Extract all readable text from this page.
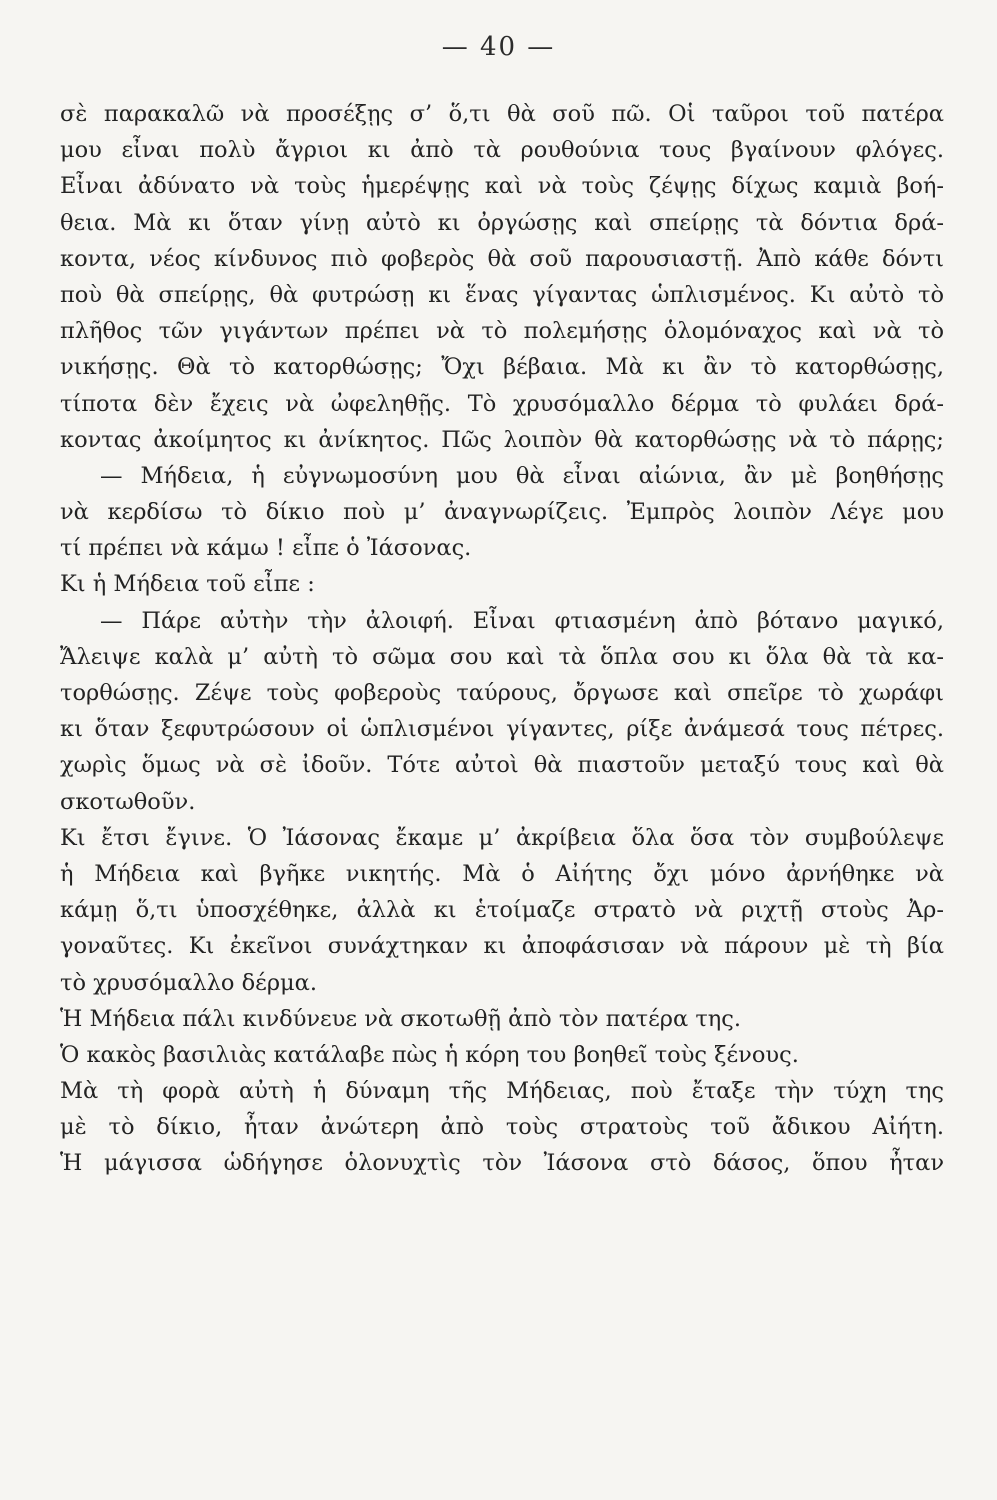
— 40 —
σὲ παρακαλῶ νὰ προσέξῃς σ’ ὅ,τι θὰ σοῦ πῶ. Οἱ ταῦροι τοῦ πατέρα
μου εἶναι πολὺ ἄγριοι κι ἀπὸ τὰ ρουθούνια τους βγαίνουν φλόγες.
Εἶναι ἀδύνατο νὰ τοὺς ἡμερέψῃς καὶ νὰ τοὺς ζέψῃς δίχως καμιὰ βοή-
θεια. Μὰ κι ὅταν γίνῃ αὐτὸ κι ὀργώσῃς καὶ σπείρῃς τὰ δόντια δρά-
κοντα, νέος κίνδυνος πιὸ φοβερὸς θὰ σοῦ παρουσιαστῇ. Ἀπὸ κάθε δόντι
ποὺ θὰ σπείρῃς, θὰ φυτρώσῃ κι ἕνας γίγαντας ὡπλισμένος. Κι αὐτὸ τὸ
πλῆθος τῶν γιγάντων πρέπει νὰ τὸ πολεμήσῃς ὁλομόναχος καὶ νὰ τὸ
νικήσῃς. Θὰ τὸ κατορθώσῃς; Ὄχι βέβαια. Μὰ κι ἂν τὸ κατορθώσῃς,
τίποτα δὲν ἔχεις νὰ ὠφεληθῇς. Τὸ χρυσόμαλλο δέρμα τὸ φυλάει δρά-
κοντας ἀκοίμητος κι ἀνίκητος. Πῶς λοιπὸν θὰ κατορθώσῃς νὰ τὸ πάρῃς;
— Μήδεια, ἡ εὐγνωμοσύνη μου θὰ εἶναι αἰώνια, ἂν μὲ βοηθήσῃς
νὰ κερδίσω τὸ δίκιο ποὺ μ’ ἀναγνωρίζεις. Ἐμπρὸς λοιπὸν Λέγε μου
τί πρέπει νὰ κάμω ! εἶπε ὁ Ἰάσονας.
Κι ἡ Μήδεια τοῦ εἶπε :
— Πάρε αὐτὴν τὴν ἀλοιφή. Εἶναι φτιασμένη ἀπὸ βότανο μαγικό,
Ἄλειψε καλὰ μ’ αὐτὴ τὸ σῶμα σου καὶ τὰ ὅπλα σου κι ὅλα θὰ τὰ κα-
τορθώσῃς. Ζέψε τοὺς φοβεροὺς ταύρους, ὄργωσε καὶ σπεῖρε τὸ χωράφι
κι ὅταν ξεφυτρώσουν οἱ ὡπλισμένοι γίγαντες, ρίξε ἀνάμεσά τους πέτρες.
χωρὶς ὅμως νὰ σὲ ἰδοῦν. Τότε αὐτοὶ θὰ πιαστοῦν μεταξύ τους καὶ θὰ
σκοτωθοῦν.
Κι ἔτσι ἔγινε. Ὁ Ἰάσονας ἔκαμε μ’ ἀκρίβεια ὅλα ὅσα τὸν συμβούλεψε
ἡ Μήδεια καὶ βγῆκε νικητής. Μὰ ὁ Αἰήτης ὄχι μόνο ἀρνήθηκε νὰ
κάμῃ ὅ,τι ὑποσχέθηκε, ἀλλὰ κι ἑτοίμαζε στρατὸ νὰ ριχτῇ στοὺς Ἀρ-
γοναῦτες. Κι ἐκεῖνοι συνάχτηκαν κι ἀποφάσισαν νὰ πάρουν μὲ τὴ βία
τὸ χρυσόμαλλο δέρμα.
Ἡ Μήδεια πάλι κινδύνευε νὰ σκοτωθῇ ἀπὸ τὸν πατέρα της.
Ὁ κακὸς βασιλιὰς κατάλαβε πὼς ἡ κόρη του βοηθεῖ τοὺς ξένους.
Μὰ τὴ φορὰ αὐτὴ ἡ δύναμη τῆς Μήδειας, ποὺ ἔταξε τὴν τύχη της
μὲ τὸ δίκιο, ἦταν ἀνώτερη ἀπὸ τοὺς στρατοὺς τοῦ ἄδικου Αἰήτη.
Ἡ μάγισσα ὡδήγησε ὁλονυχτὶς τὸν Ἰάσονα στὸ δάσος, ὅπου ἦταν
